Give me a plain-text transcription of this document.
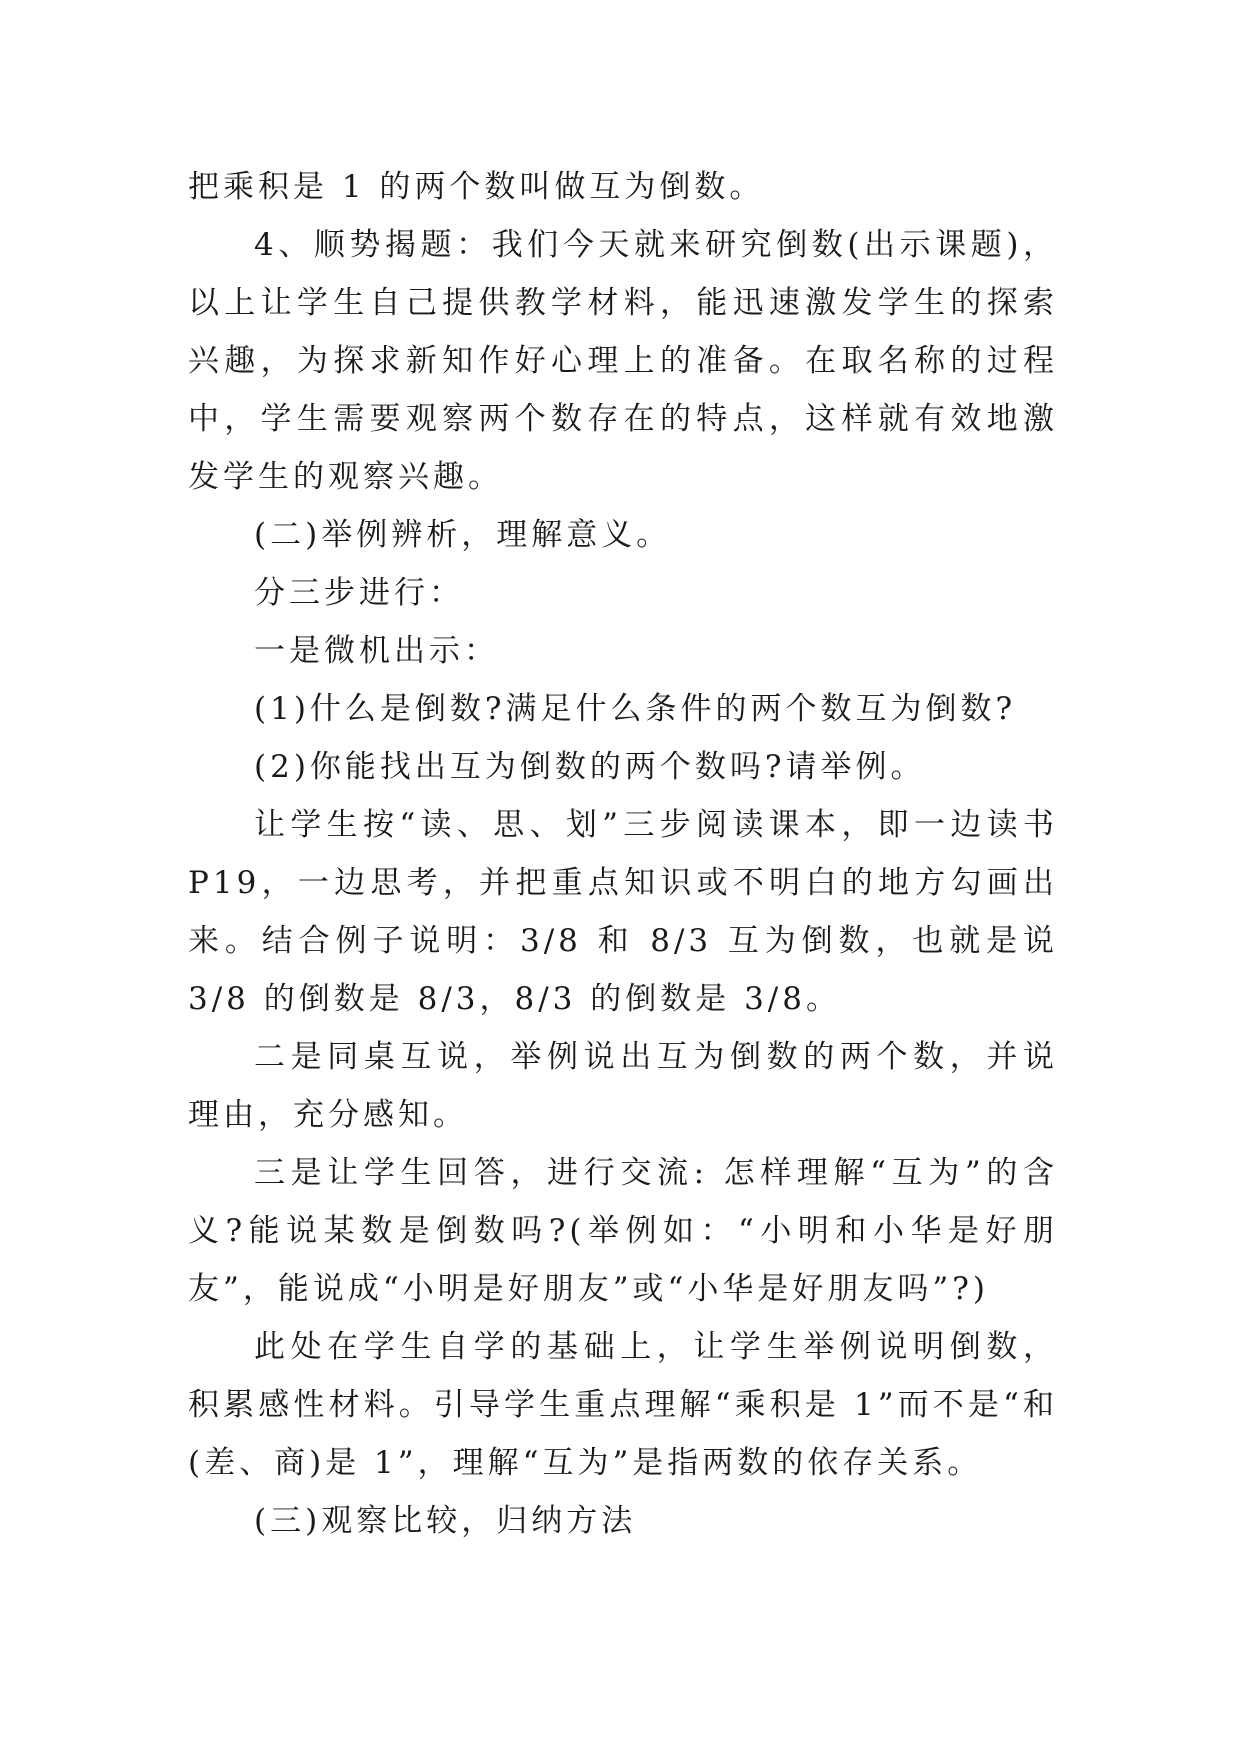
把乘积是 1 的两个数叫做互为倒数。

4、顺势揭题：我们今天就来研究倒数(出示课题)，以上让学生自己提供教学材料，能迅速激发学生的探索兴趣，为探求新知作好心理上的准备。在取名称的过程中，学生需要观察两个数存在的特点，这样就有效地激发学生的观察兴趣。

(二)举例辨析，理解意义。

分三步进行：

一是微机出示：

(1)什么是倒数?满足什么条件的两个数互为倒数?

(2)你能找出互为倒数的两个数吗?请举例。

让学生按“读、思、划”三步阅读课本，即一边读书 P19，一边思考，并把重点知识或不明白的地方勾画出来。结合例子说明：3/8 和 8/3 互为倒数，也就是说 3/8 的倒数是 8/3，8/3 的倒数是 3/8。

二是同桌互说，举例说出互为倒数的两个数，并说理由，充分感知。

三是让学生回答，进行交流: 怎样理解“互为”的含义?能说某数是倒数吗?(举例如：“小明和小华是好朋友”，能说成“小明是好朋友”或“小华是好朋友吗”?)

此处在学生自学的基础上，让学生举例说明倒数，积累感性材料。引导学生重点理解“乘积是 1”而不是“和(差、商)是 1”，理解“互为”是指两数的依存关系。

(三)观察比较，归纳方法
